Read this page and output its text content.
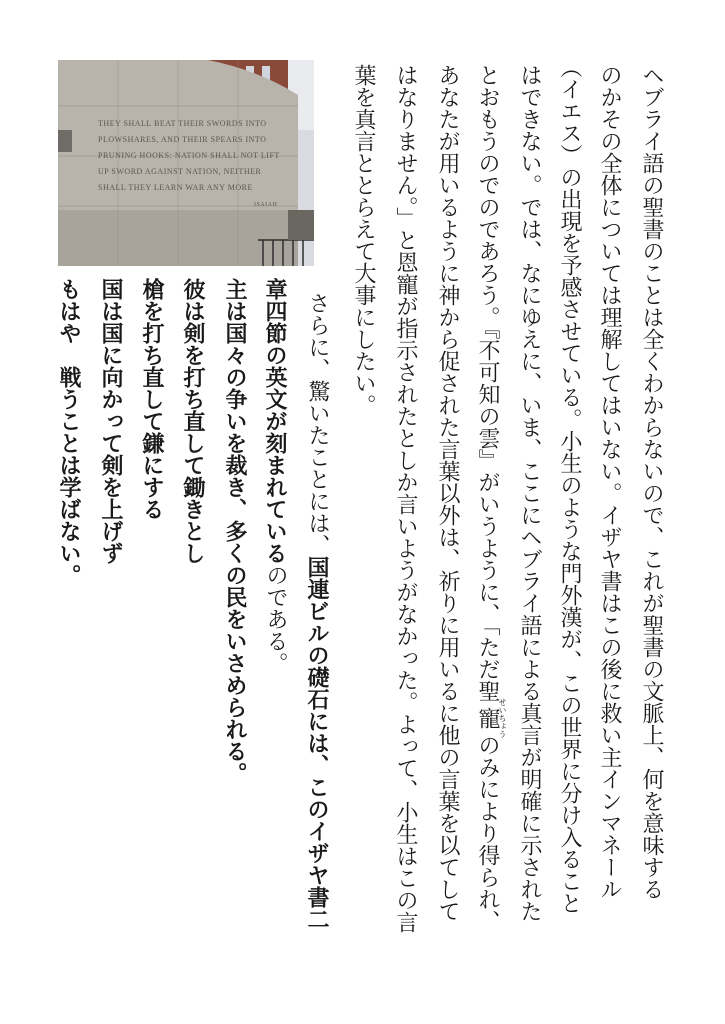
ヘブライ語の聖書のことは全くわからないので、これが聖書の文脈上、何を意味する
のかその全体については理解してはいない。イザヤ書はこの後に救い主インマネール
（イエス）の出現を予感させている。小生のような門外漢が、この世界に分け入ること
はできない。では、なにゆえに、いま、ここにヘブライ語による真言が明確に示された
とおもうのでのであろう。『不可知の雲』がいうように、「ただ聖寵せいちょうのみにより得られ、
あなたが用いるように神から促された言葉以外は、祈りに用いるに他の言葉を以てして
はなりません。」と恩寵が指示されたとしか言いようがなかった。よって、小生はこの言
葉を真言ととらえて大事にしたい。
THEY SHALL BEAT THEIR SWORDS INTO
PLOWSHARES, AND THEIR SPEARS INTO
PRUNING HOOKS: NATION SHALL NOT LIFT
UP SWORD AGAINST NATION, NEITHER
SHALL THEY LEARN WAR ANY MORE
ISAIAH
さらに、驚いたことには、国連ビルの礎石には、このイザヤ書二
章四節の英文が刻まれているのである。
主は国々の争いを裁き、多くの民をいさめられる。
彼は剣を打ち直して鋤きとし
槍を打ち直して鎌にする
国は国に向かって剣を上げず
もはや　戦うことは学ばない。
